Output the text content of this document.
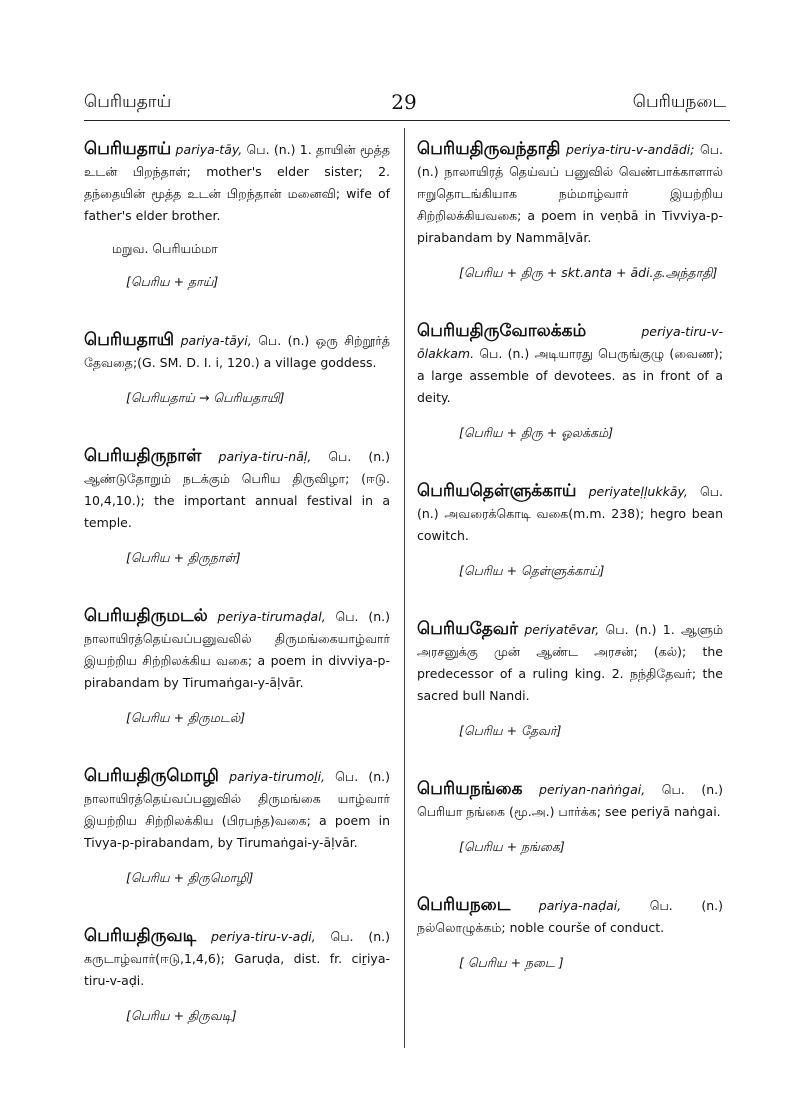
பெரியதாய்	29	பெரியநடை
பெரியதாய் pariya-tāy, பெ. (n.) 1. தாயின் மூத்த உடன் பிறந்தாள்; mother's elder sister; 2. தந்தையின் மூத்த உடன் பிறந்தான் மனைவி; wife of father's elder brother.
மறுவ. பெரியம்மா
[பெரிய + தாய்]
பெரியதாயி pariya-tāyi, பெ. (n.) ஒரு சிற்றூர்த் தேவதை;(G. SM. D. I. i, 120.) a village goddess.
[பெரியதாய் → பெரியதாயி]
பெரியதிருநாள் pariya-tiru-nāḷ, பெ. (n.) ஆண்டுதோறும் நடக்கும் பெரிய திருவிழா; (ஈடு. 10,4,10.); the important annual festival in a temple.
[பெரிய + திருநாள்]
பெரியதிருமடல் periya-tirumaḍal, பெ. (n.) நாலாயிரத்தெய்வப்பனுவலில் திருமங்கையாழ்வார் இயற்றிய சிற்றிலக்கிய வகை; a poem in divviya-p-pirabandam by Tirumaṅgaı-y-āḷvār.
[பெரிய + திருமடல்]
பெரியதிருமொழி pariya-tirumoḻi, பெ. (n.) நாலாயிரத்தெய்வப்பனுவில் திருமங்கை யாழ்வார் இயற்றிய சிற்றிலக்கிய (பிரபந்த)வகை; a poem in Tivya-p-pirabandam, by Tirumaṅgai-y-āḷvār.
[பெரிய + திருமொழி]
பெரியதிருவடி periya-tiru-v-aḍi, பெ. (n.) கருடாழ்வார்(ஈடு,1,4,6); Garuḍa, dist. fr. ciṟiya-tiru-v-aḍi.
[பெரிய + திருவடி]
பெரியதிருவந்தாதி periya-tiru-v-andādi; பெ. (n.) நாலாயிரத் தெய்வப் பனுவில் வெண்பாக்காளால் ஈறுதொடங்கியாக நம்மாழ்வார் இயற்றிய சிற்றிலக்கியவகை; a poem in veṇbā in Tivviya-p-pirabandam by Nammāḻvār.
[பெரிய + திரு + skt.anta + ādi.த.அந்தாதி]
பெரியதிருவோலக்கம்	periya-tiru-v-ōlakkam. பெ. (n.) அடியாரது பெருங்குழு (வைண); a large assemble of devotees. as in front of a deity.
[பெரிய + திரு + ஓலக்கம்]
பெரியதெள்ளுக்காய் periyateḷḷukkāy, பெ. (n.) அவரைக்கொடி வகை(m.m. 238); hegro bean cowitch.
[பெரிய + தெள்ளுக்காய்]
பெரியதேவர் periyatēvar, பெ. (n.) 1. ஆளும் அரசனுக்கு முன் ஆண்ட அரசன்; (கல்); the predecessor of a ruling king. 2. நந்திதேவர்; the sacred bull Nandi.
[பெரிய + தேவர்]
பெரியநங்கை periyan-naṅṅgai, பெ. (n.) பெரியா நங்கை (மூ.அ.) பார்க்க; see periyā naṅgai.
[பெரிய + நங்கை]
பெரியநடை pariya-naḍai, பெ. (n.) நல்லொழுக்கம்; noble courše of conduct.
[ பெரிய + நடை ]
